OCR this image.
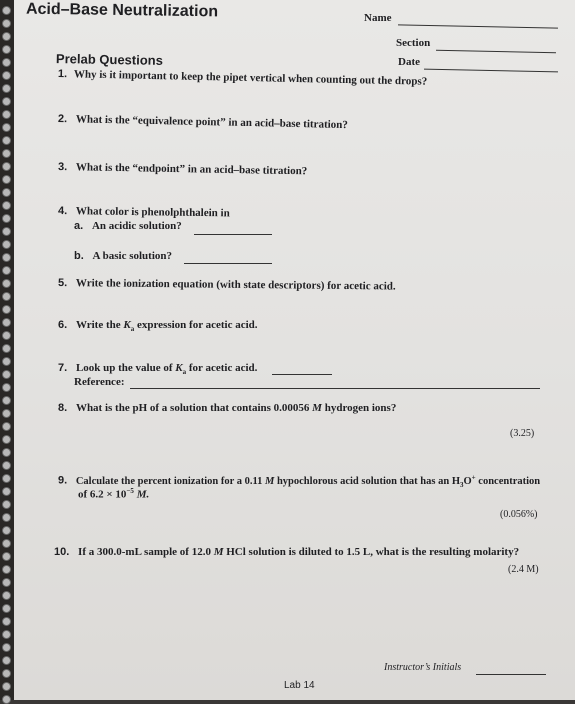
Acid–Base Neutralization	Name
Section
Date
Prelab Questions
1. Why is it important to keep the pipet vertical when counting out the drops?
2. What is the “equivalence point” in an acid–base titration?
3. What is the “endpoint” in an acid–base titration?
4. What color is phenolphthalein in
a. An acidic solution?
b. A basic solution?
5. Write the ionization equation (with state descriptors) for acetic acid.
6. Write the $K_a$ expression for acetic acid.
7. Look up the value of $K_a$ for acetic acid.
Reference:
8. What is the pH of a solution that contains 0.00056 M hydrogen ions?
(3.25)
9. Calculate the percent ionization for a 0.11 M hypochlorous acid solution that has an $H_3O^+$ concentration
of $6.2 \times 10^{-5}$ M.
(0.056%)
10. If a 300.0-mL sample of 12.0 M HCl solution is diluted to 1.5 L, what is the resulting molarity?
(2.4 M)
Instructor’s Initials
Lab 14
